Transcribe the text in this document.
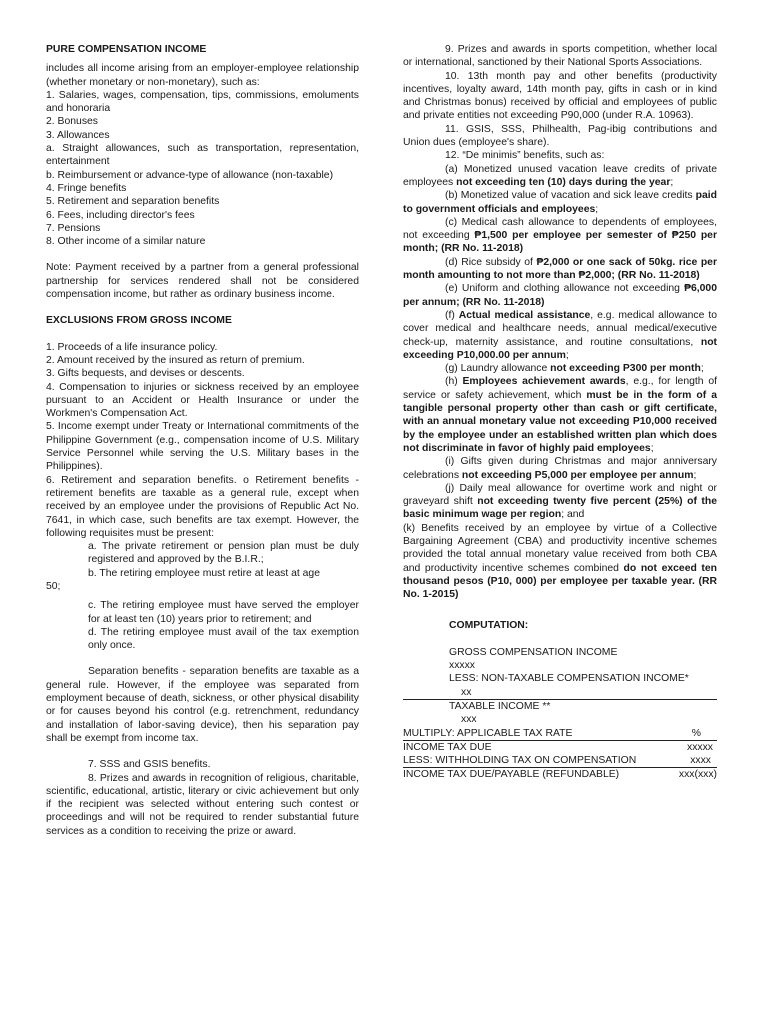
PURE COMPENSATION INCOME

includes all income arising from an employer-employee relationship (whether monetary or non-monetary), such as:

1. Salaries, wages, compensation, tips, commissions, emoluments and honoraria

2. Bonuses

3. Allowances

a. Straight allowances, such as transportation, representation, entertainment

b. Reimbursement or advance-type of allowance (non-taxable)

4. Fringe benefits

5. Retirement and separation benefits

6. Fees, including director's fees

7. Pensions

8. Other income of a similar nature

Note: Payment received by a partner from a general professional partnership for services rendered shall not be considered compensation income, but rather as ordinary business income.

EXCLUSIONS FROM GROSS INCOME

1. Proceeds of a life insurance policy.

2. Amount received by the insured as return of premium.

3. Gifts bequests, and devises or descents.

4. Compensation to injuries or sickness received by an employee pursuant to an Accident or Health Insurance or under the Workmen's Compensation Act.

5. Income exempt under Treaty or International commitments of the Philippine Government (e.g., compensation income of U.S. Military Service Personnel while serving the U.S. Military bases in the Philippines).

6. Retirement and separation benefits. o Retirement benefits - retirement benefits are taxable as a general rule, except when received by an employee under the provisions of Republic Act No. 7641, in which case, such benefits are tax exempt. However, the following requisites must be present:

a. The private retirement or pension plan must be duly registered and approved by the B.I.R.;

b. The retiring employee must retire at least at age

50;

c. The retiring employee must have served the employer for at least ten (10) years prior to retirement; and

d. The retiring employee must avail of the tax exemption only once.

Separation benefits - separation benefits are taxable as a general rule. However, if the employee was separated from employment because of death, sickness, or other physical disability or for causes beyond his control (e.g. retrenchment, redundancy and installation of labor-saving device), then his separation pay shall be exempt from income tax.

7. SSS and GSIS benefits.

8. Prizes and awards in recognition of religious, charitable, scientific, educational, artistic, literary or civic achievement but only if the recipient was selected without entering such contest or proceedings and will not be required to render substantial future services as a condition to receiving the prize or award.

9. Prizes and awards in sports competition, whether local or international, sanctioned by their National Sports Associations.

10. 13th month pay and other benefits (productivity incentives, loyalty award, 14th month pay, gifts in cash or in kind and Christmas bonus) received by official and employees of public and private entities not exceeding P90,000 (under R.A. 10963).

11. GSIS, SSS, Philhealth, Pag-ibig contributions and Union dues (employee's share).

12. “De minimis” benefits, such as:

(a) Monetized unused vacation leave credits of private employees not exceeding ten (10) days during the year;

(b) Monetized value of vacation and sick leave credits paid to government officials and employees;

(c) Medical cash allowance to dependents of employees, not exceeding ₱1,500 per employee per semester of ₱250 per month; (RR No. 11-2018)

(d) Rice subsidy of ₱2,000 or one sack of 50kg. rice per month amounting to not more than ₱2,000; (RR No. 11-2018)

(e) Uniform and clothing allowance not exceeding ₱6,000 per annum; (RR No. 11-2018)

(f) Actual medical assistance, e.g. medical allowance to cover medical and healthcare needs, annual medical/executive check-up, maternity assistance, and routine consultations, not exceeding P10,000.00 per annum;

(g) Laundry allowance not exceeding P300 per month;

(h) Employees achievement awards, e.g., for length of service or safety achievement, which must be in the form of a tangible personal property other than cash or gift certificate, with an annual monetary value not exceeding P10,000 received by the employee under an established written plan which does not discriminate in favor of highly paid employees;

(i) Gifts given during Christmas and major anniversary celebrations not exceeding P5,000 per employee per annum;

(j) Daily meal allowance for overtime work and night or graveyard shift not exceeding twenty five percent (25%) of the basic minimum wage per region; and

(k) Benefits received by an employee by virtue of a Collective Bargaining Agreement (CBA) and productivity incentive schemes provided the total annual monetary value received from both CBA and productivity incentive schemes combined do not exceed ten thousand pesos (P10, 000) per employee per taxable year. (RR No. 1-2015)

COMPUTATION:

GROSS COMPENSATION INCOME

xxxxx

LESS: NON-TAXABLE COMPENSATION INCOME*

xx

TAXABLE INCOME **

xxx

MULTIPLY: APPLICABLE TAX RATE	%
INCOME TAX DUE	xxxxx
LESS: WITHHOLDING TAX ON COMPENSATION	xxxx
INCOME TAX DUE/PAYABLE (REFUNDABLE)	xxx(xxx)
